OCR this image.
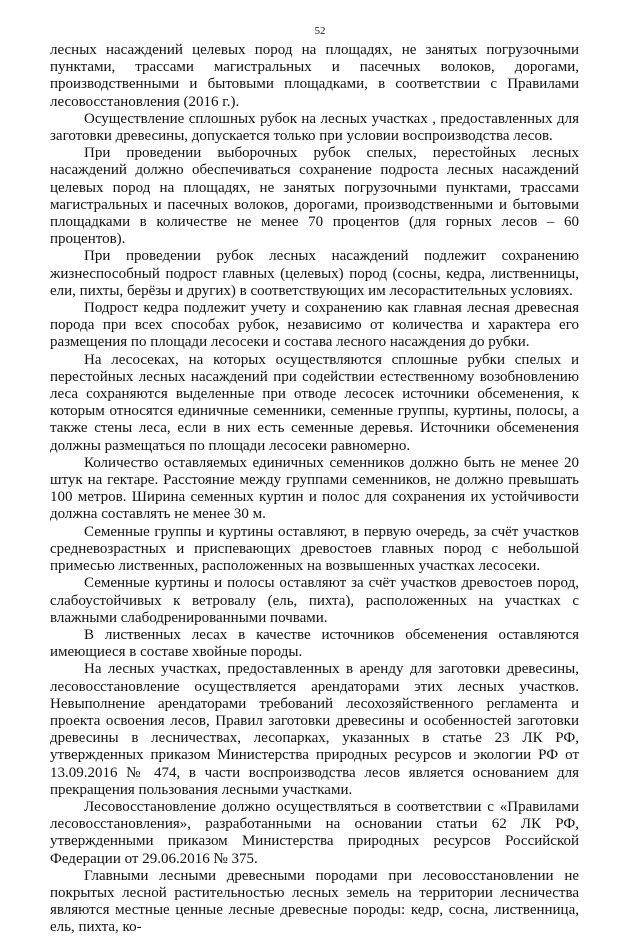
52

лесных насаждений целевых пород на площадях, не занятых погрузочными пунктами, трассами магистральных и пасечных волоков, дорогами, производственными и бытовыми площадками, в соответствии с Правилами лесовосстановления (2016 г.).

Осуществление сплошных рубок на лесных участках , предоставленных для заготовки древесины, допускается только при условии воспроизводства лесов.

При проведении выборочных рубок спелых, перестойных лесных насаждений должно обеспечиваться сохранение подроста лесных насаждений целевых пород на площадях, не занятых погрузочными пунктами, трассами магистральных и пасечных волоков, дорогами, производственными и бытовыми площадками в количестве не менее 70 процентов (для горных лесов – 60 процентов).

При проведении рубок лесных насаждений подлежит сохранению жизнеспособный подрост главных (целевых) пород (сосны, кедра, лиственницы, ели, пихты, берёзы и других) в соответствующих им лесорастительных условиях.

Подрост кедра подлежит учету и сохранению как главная лесная древесная порода при всех способах рубок, независимо от количества и характера его размещения по площади лесосеки и состава лесного насаждения до рубки.

На лесосеках, на которых осуществляются сплошные рубки спелых и перестойных лесных насаждений при содействии естественному возобновлению леса сохраняются выделенные при отводе лесосек источники обсеменения, к которым относятся единичные семенники, семенные группы, куртины, полосы, а также стены леса, если в них есть семенные деревья. Источники обсеменения должны размещаться по площади лесосеки равномерно.

Количество оставляемых единичных семенников должно быть не менее 20 штук на гектаре. Расстояние между группами семенников, не должно превышать 100 метров. Ширина семенных куртин и полос для сохранения их устойчивости должна составлять не менее 30 м.

Семенные группы и куртины оставляют, в первую очередь, за счёт участков средневозрастных и приспевающих древостоев главных пород с небольшой примесью лиственных, расположенных на возвышенных участках лесосеки.

Семенные куртины и полосы оставляют за счёт участков древостоев пород, слабоустойчивых к ветровалу (ель, пихта), расположенных на участках с влажными слабодренированными почвами.

В лиственных лесах в качестве источников обсеменения оставляются имеющиеся в составе хвойные породы.

На лесных участках, предоставленных в аренду для заготовки древесины, лесовосстановление осуществляется арендаторами этих лесных участков. Невыполнение арендаторами требований лесохозяйственного регламента и проекта освоения лесов, Правил заготовки древесины и особенностей заготовки древесины в лесничествах, лесопарках, указанных в статье 23 ЛК РФ, утвержденных приказом Министерства природных ресурсов и экологии РФ от 13.09.2016 № 474, в части воспроизводства лесов является основанием для прекращения пользования лесными участками.

Лесовосстановление должно осуществляться в соответствии с «Правилами лесовосстановления», разработанными на основании статьи 62 ЛК РФ, утвержденными приказом Министерства природных ресурсов Российской Федерации от 29.06.2016 № 375.

Главными лесными древесными породами при лесовосстановлении не покрытых лесной растительностью лесных земель на территории лесничества являются местные ценные лесные древесные породы: кедр, сосна, лиственница, ель, пихта, ко-
